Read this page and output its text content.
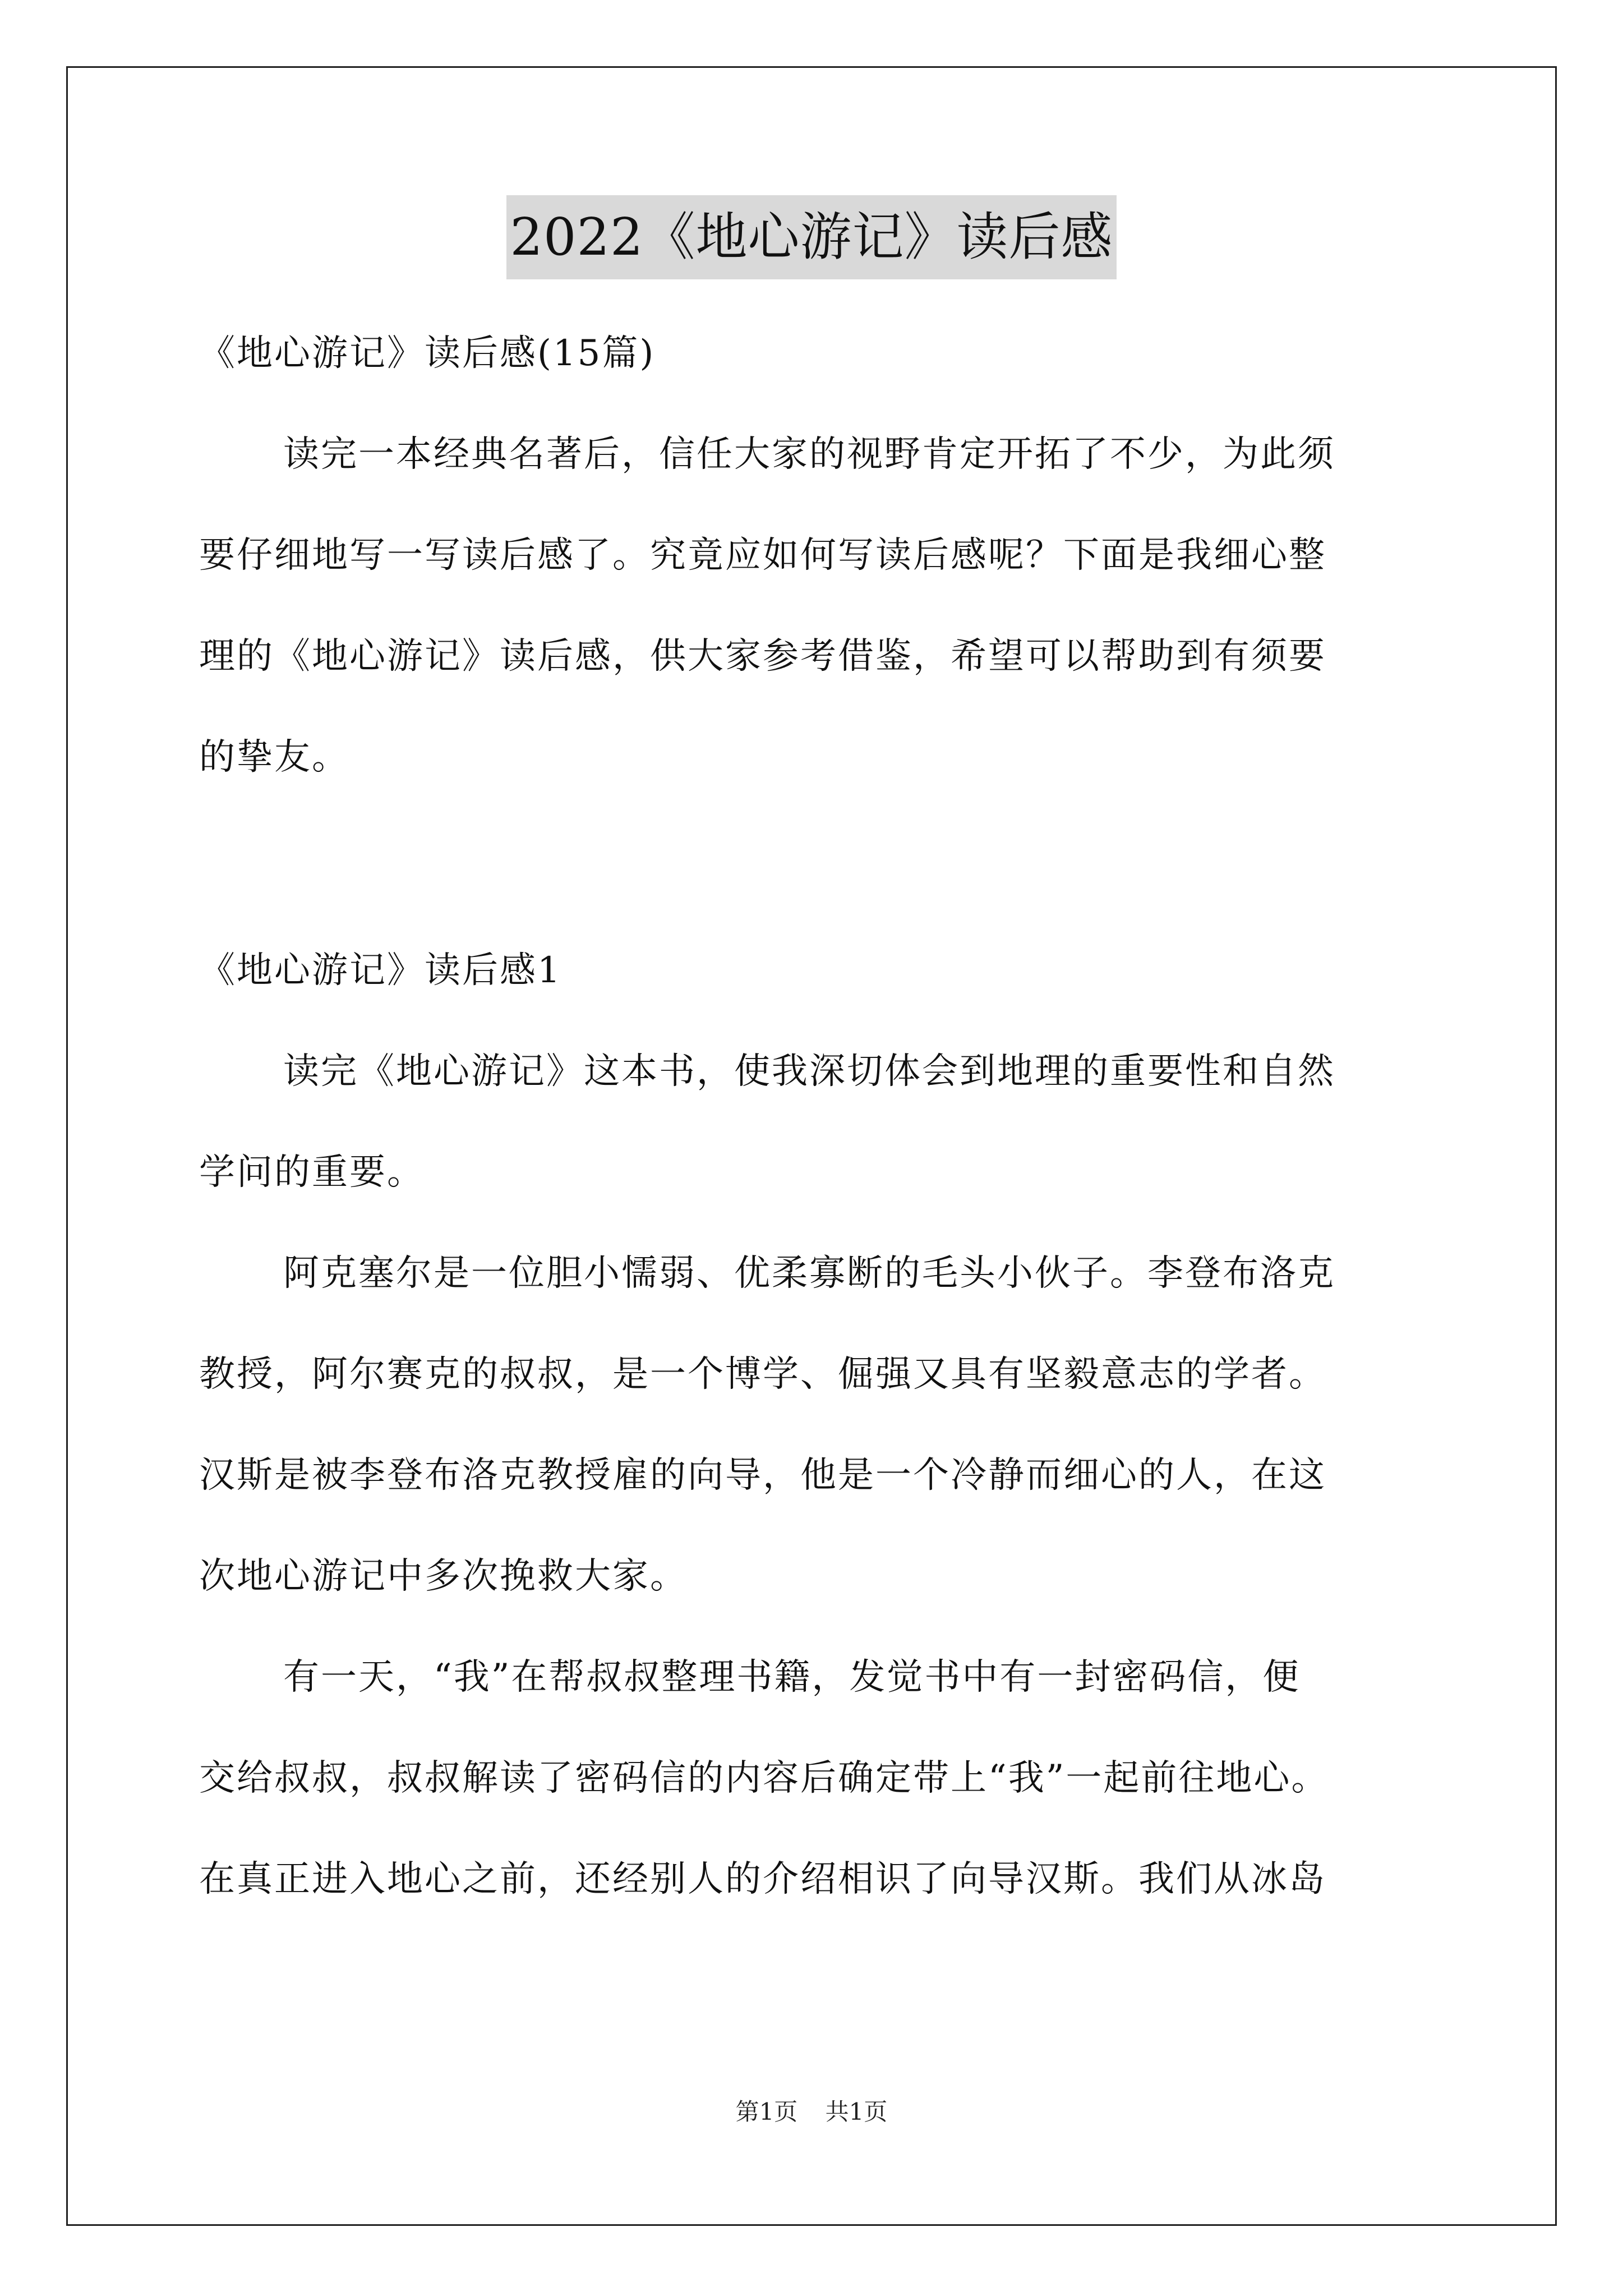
2022《地心游记》读后感
《地心游记》读后感(15篇)
读完一本经典名著后，信任大家的视野肯定开拓了不少，为此须
要仔细地写一写读后感了。究竟应如何写读后感呢？下面是我细心整
理的《地心游记》读后感，供大家参考借鉴，希望可以帮助到有须要
的挚友。
《地心游记》读后感1
读完《地心游记》这本书，使我深切体会到地理的重要性和自然
学问的重要。
阿克塞尔是一位胆小懦弱、优柔寡断的毛头小伙子。李登布洛克
教授，阿尔赛克的叔叔，是一个博学、倔强又具有坚毅意志的学者。
汉斯是被李登布洛克教授雇的向导，他是一个冷静而细心的人，在这
次地心游记中多次挽救大家。
有一天，“我”在帮叔叔整理书籍，发觉书中有一封密码信，便
交给叔叔，叔叔解读了密码信的内容后确定带上“我”一起前往地心。
在真正进入地心之前，还经别人的介绍相识了向导汉斯。我们从冰岛
第1页 共1页
